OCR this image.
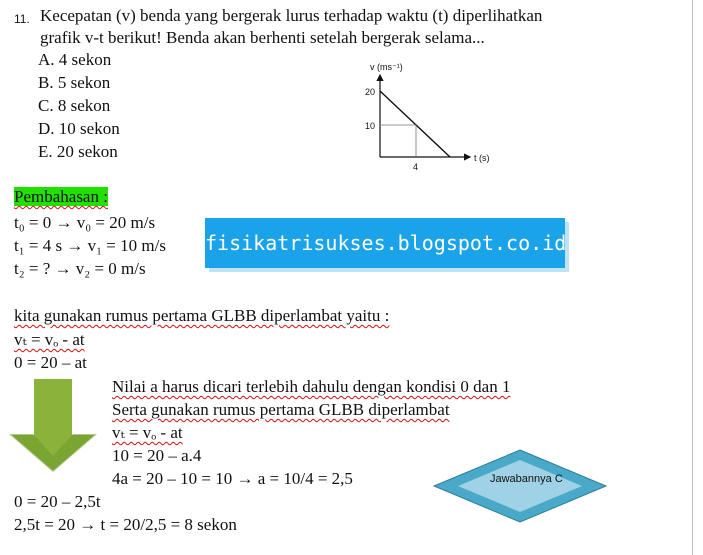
11. Kecepatan (v) benda yang bergerak lurus terhadap waktu (t) diperlihatkan
grafik v-t berikut! Benda akan berhenti setelah bergerak selama...
A. 4 sekon
B. 5 sekon
C. 8 sekon
D. 10 sekon
E. 20 sekon
v (ms⁻¹)
t (s)
20
10
4
Pembahasan :
t₀ = 0 → v₀ = 20 m/s
t₁ = 4 s → v₁ = 10 m/s
t₂ = ? → v₂ = 0 m/s
fisikatrisukses.blogspot.co.id
kita gunakan rumus pertama GLBB diperlambat yaitu :
vₜ = vₒ - at
0 = 20 – at
Nilai a harus dicari terlebih dahulu dengan kondisi 0 dan 1
Serta gunakan rumus pertama GLBB diperlambat
vₜ = vₒ - at
10 = 20 – a.4
4a = 20 – 10 = 10 → a = 10/4 = 2,5
0 = 20 – 2,5t
2,5t = 20 → t = 20/2,5 = 8 sekon
Jawabannya C
